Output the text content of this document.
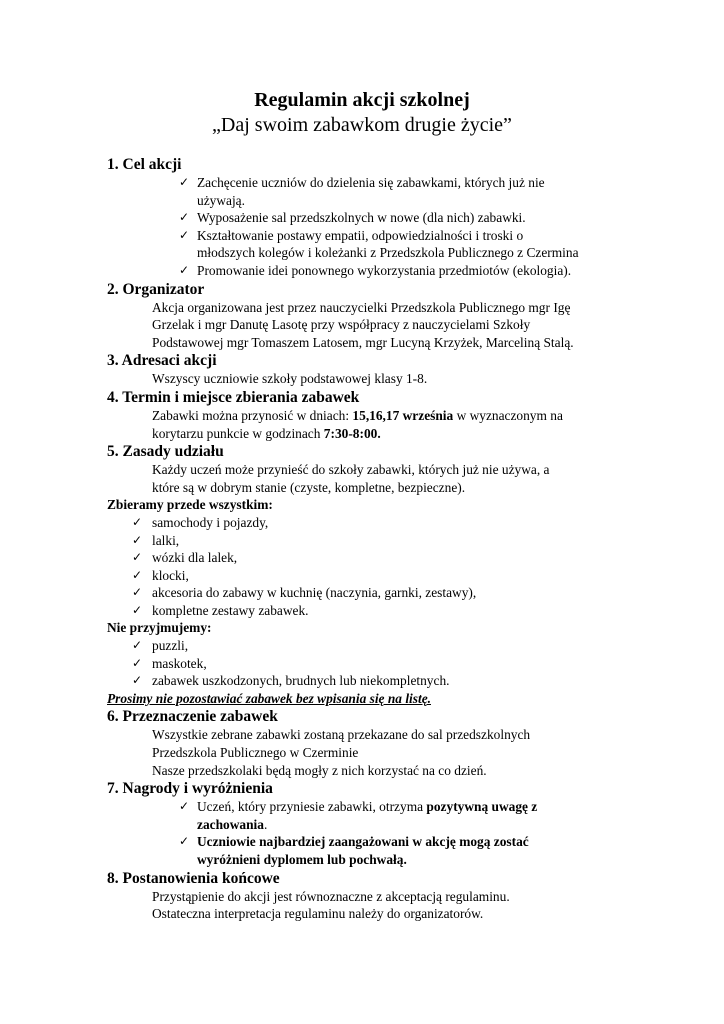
Regulamin akcji szkolnej
„Daj swoim zabawkom drugie życie”
1. Cel akcji
✓ Zachęcenie uczniów do dzielenia się zabawkami, których już nie
używają.
✓ Wyposażenie sal przedszkolnych w nowe (dla nich) zabawki.
✓ Kształtowanie postawy empatii, odpowiedzialności i troski o
młodszych kolegów i koleżanki z Przedszkola Publicznego z Czermina
✓ Promowanie idei ponownego wykorzystania przedmiotów (ekologia).
2. Organizator
Akcja organizowana jest przez nauczycielki Przedszkola Publicznego mgr Igę
Grzelak i mgr Danutę Lasotę przy współpracy z nauczycielami Szkoły
Podstawowej mgr Tomaszem Latosem, mgr Lucyną Krzyżek, Marceliną Stalą.
3. Adresaci akcji
Wszyscy uczniowie szkoły podstawowej klasy 1-8.
4. Termin i miejsce zbierania zabawek
Zabawki można przynosić w dniach: 15,16,17 września w wyznaczonym na
korytarzu punkcie w godzinach 7:30-8:00.
5. Zasady udziału
Każdy uczeń może przynieść do szkoły zabawki, których już nie używa, a
które są w dobrym stanie (czyste, kompletne, bezpieczne).
Zbieramy przede wszystkim:
✓ samochody i pojazdy,
✓ lalki,
✓ wózki dla lalek,
✓ klocki,
✓ akcesoria do zabawy w kuchnię (naczynia, garnki, zestawy),
✓ kompletne zestawy zabawek.
Nie przyjmujemy:
✓ puzzli,
✓ maskotek,
✓ zabawek uszkodzonych, brudnych lub niekompletnych.
Prosimy nie pozostawiać zabawek bez wpisania się na listę.
6. Przeznaczenie zabawek
Wszystkie zebrane zabawki zostaną przekazane do sal przedszkolnych
Przedszkola Publicznego w Czerminie
Nasze przedszkolaki będą mogły z nich korzystać na co dzień.
7. Nagrody i wyróżnienia
✓ Uczeń, który przyniesie zabawki, otrzyma pozytywną uwagę z
zachowania.
✓ Uczniowie najbardziej zaangażowani w akcję mogą zostać
wyróżnieni dyplomem lub pochwałą.
8. Postanowienia końcowe
Przystąpienie do akcji jest równoznaczne z akceptacją regulaminu.
Ostateczna interpretacja regulaminu należy do organizatorów.
